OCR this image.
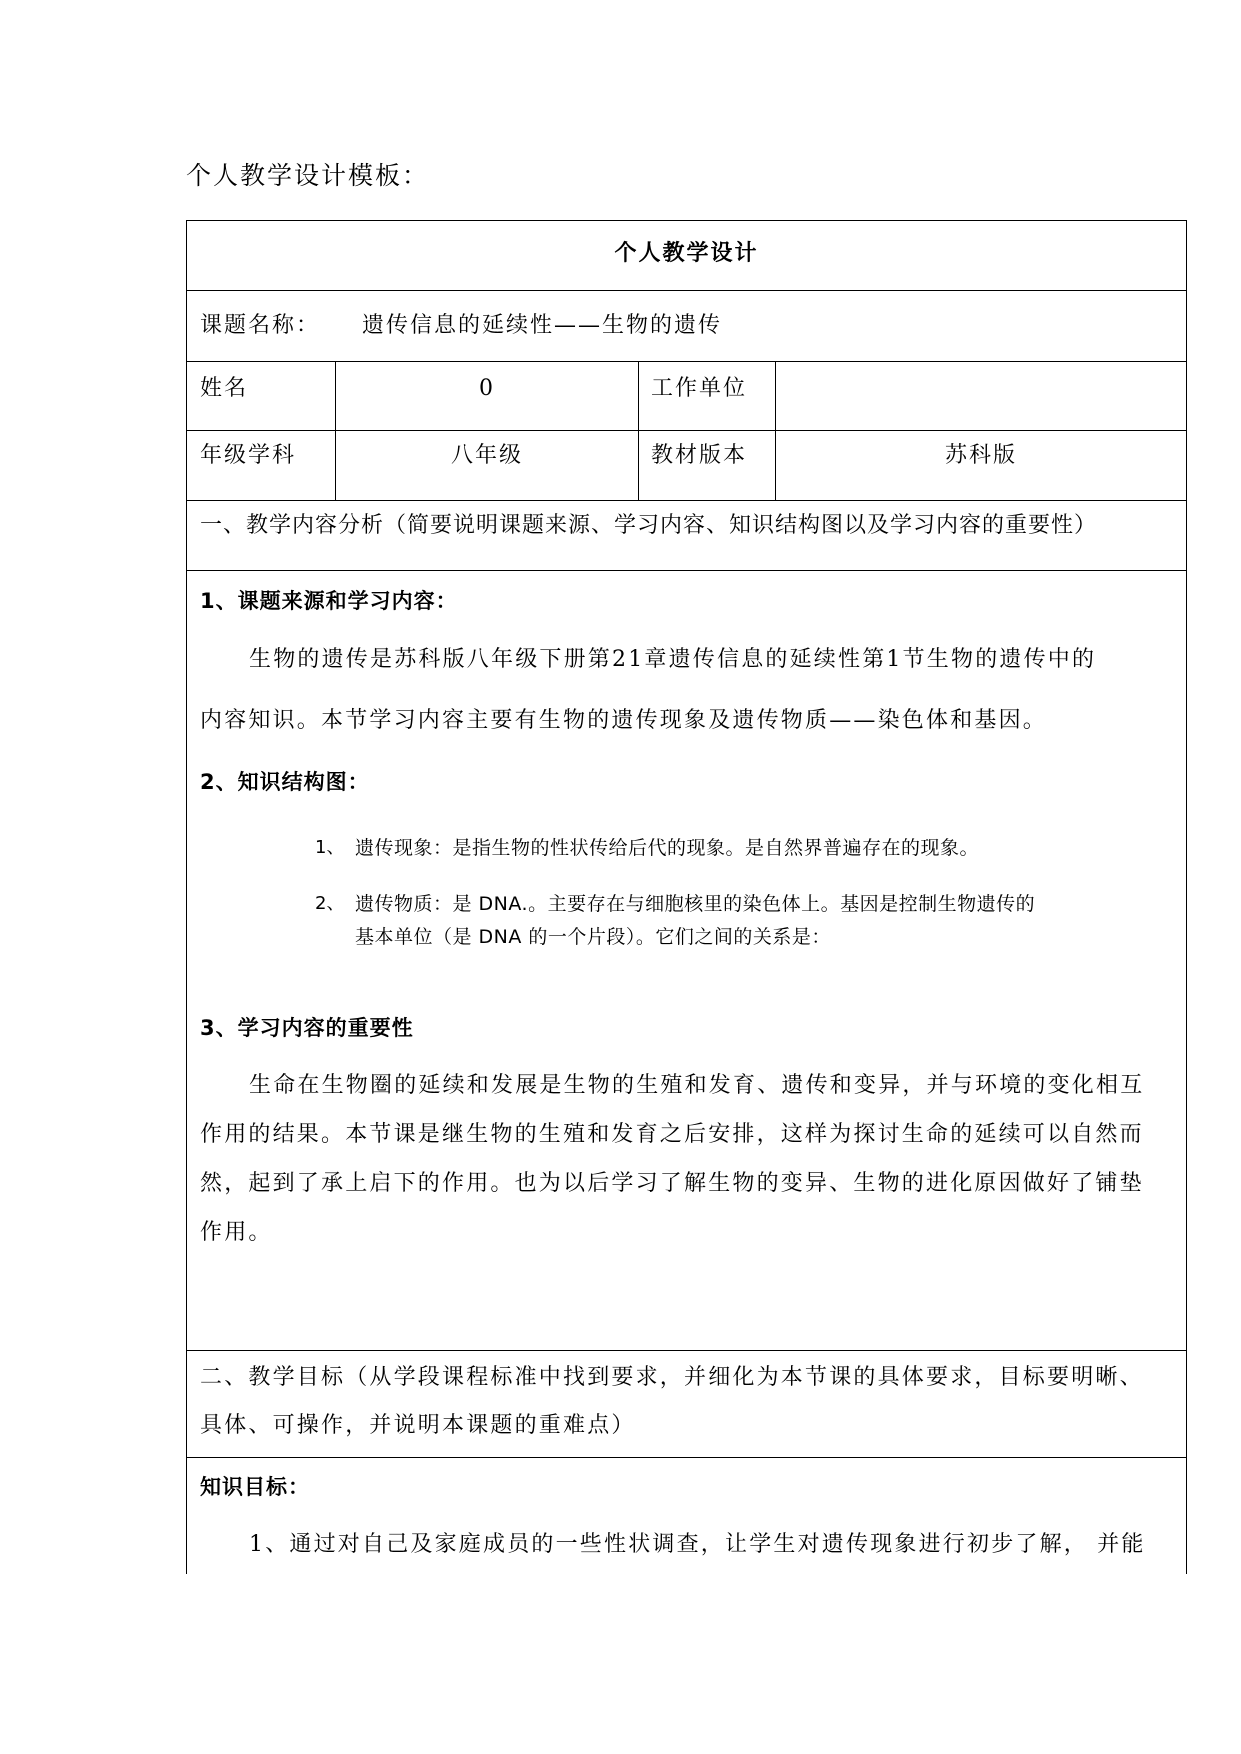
个人教学设计模板：
个人教学设计
课题名称： 遗传信息的延续性——生物的遗传
姓名	0	工作单位
年级学科	八年级	教材版本	苏科版
一、教学内容分析（简要说明课题来源、学习内容、知识结构图以及学习内容的重要性）
1、课题来源和学习内容：
生物的遗传是苏科版八年级下册第21章遗传信息的延续性第1节生物的遗传中的
内容知识。本节学习内容主要有生物的遗传现象及遗传物质——染色体和基因。
2、知识结构图：
1、 遗传现象：是指生物的性状传给后代的现象。是自然界普遍存在的现象。
2、 遗传物质：是 DNA.。主要存在与细胞核里的染色体上。基因是控制生物遗传的
基本单位（是 DNA 的一个片段）。它们之间的关系是：
3、学习内容的重要性
生命在生物圈的延续和发展是生物的生殖和发育、遗传和变异，并与环境的变化相互
作用的结果。本节课是继生物的生殖和发育之后安排，这样为探讨生命的延续可以自然而
然，起到了承上启下的作用。也为以后学习了解生物的变异、生物的进化原因做好了铺垫
作用。
二、教学目标（从学段课程标准中找到要求，并细化为本节课的具体要求，目标要明晰、
具体、可操作，并说明本课题的重难点）
知识目标：
1、通过对自己及家庭成员的一些性状调查，让学生对遗传现象进行初步了解， 并能
